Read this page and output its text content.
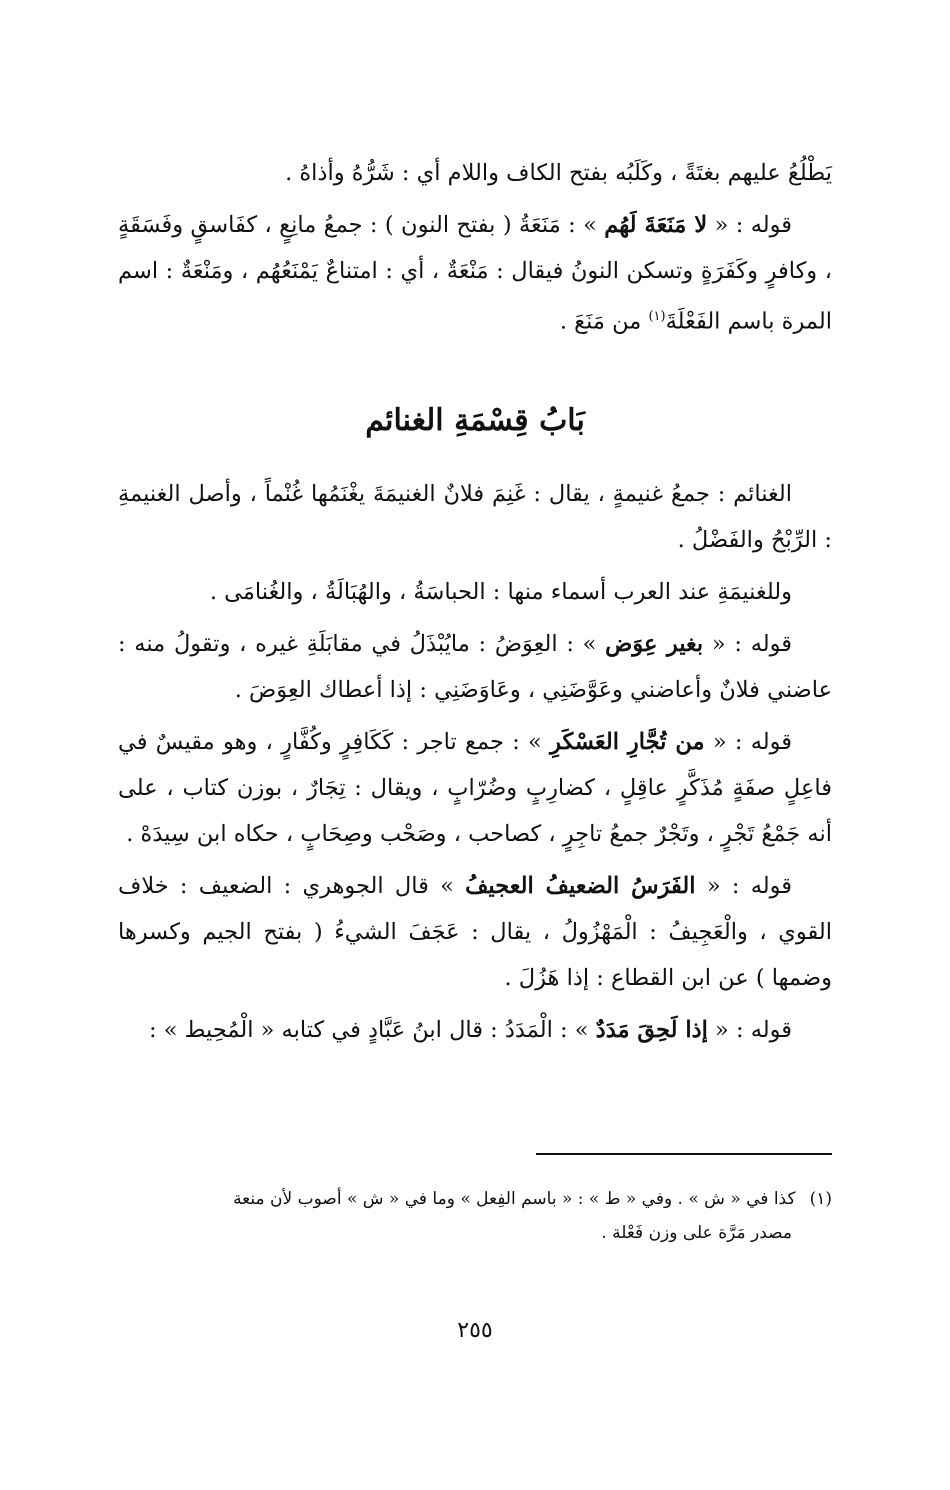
يَطْلُعُ عليهم بغتَةً ، وكَلَبُه بفتح الكاف واللام أي : شَرُّهُ وأذاهُ .

قوله : « لا مَنَعَةَ لَهُم » : مَنَعَةُ ( بفتح النون ) : جمعُ مانِعٍ ، كفَاسقٍ وفَسَقَةٍ ، وكافرٍ وكَفَرَةٍ وتسكن النونُ فيقال : مَنْعَةٌ ، أي : امتناعٌ يَمْنَعُهُم ، ومَنْعَةٌ : اسم المرة باسم الفَعْلَةَ$^{(١)}$ من مَنَعَ .

بَابُ قِسْمَةِ الغنائم

الغنائم : جمعُ غنيمةٍ ، يقال : غَنِمَ فلانٌ الغنيمَةَ يغْنَمُها غُنْماً ، وأصل الغنيمةِ : الرِّبْحُ والفَضْلُ .

وللغنيمَةِ عند العرب أسماء منها : الحباسَةُ ، والهُبَالَةُ ، والغُنامَى .

قوله : « بغير عِوَض » : العِوَضُ : مايُبْذَلُ في مقابَلَةِ غيره ، وتقولُ منه : عاضني فلانٌ وأعاضني وعَوَّضَنِي ، وعَاوَضَنِي : إذا أعطاك العِوَضَ .

قوله : « من تُجَّارِ العَسْكَرِ » : جمع تاجر : كَكَافِرٍ وكُفَّارٍ ، وهو مقيسٌ في فاعِلٍ صفَةٍ مُذَكَّرٍ عاقِلٍ ، كضارِبٍ وضُرّابٍ ، ويقال : تِجَارٌ ، بوزن كتاب ، على أنه جَمْعُ تَجْرٍ ، وتَجْرٌ جمعُ تاجِرٍ ، كصاحب ، وصَحْب وصِحَابٍ ، حكاه ابن سِيدَهْ .

قوله : « الفَرَسُ الضعيفُ العجيفُ » قال الجوهري : الضعيف : خلاف القوي ، والْعَجِيفُ : الْمَهْزُولُ ، يقال : عَجَفَ الشيءُ ( بفتح الجيم وكسرها وضمها ) عن ابن القطاع : إذا هَزُلَ .

قوله : « إذا لَحِقَ مَدَدٌ » : الْمَدَدُ : قال ابنُ عَبَّادٍ في كتابه « الْمُحِيط » :

(١)كذا في « ش » . وفي « ط » : « باسم الفِعل » وما في « ش » أصوب لأن منعة

مصدر مَرَّة على وزن فَعْلة .

٢٥٥
